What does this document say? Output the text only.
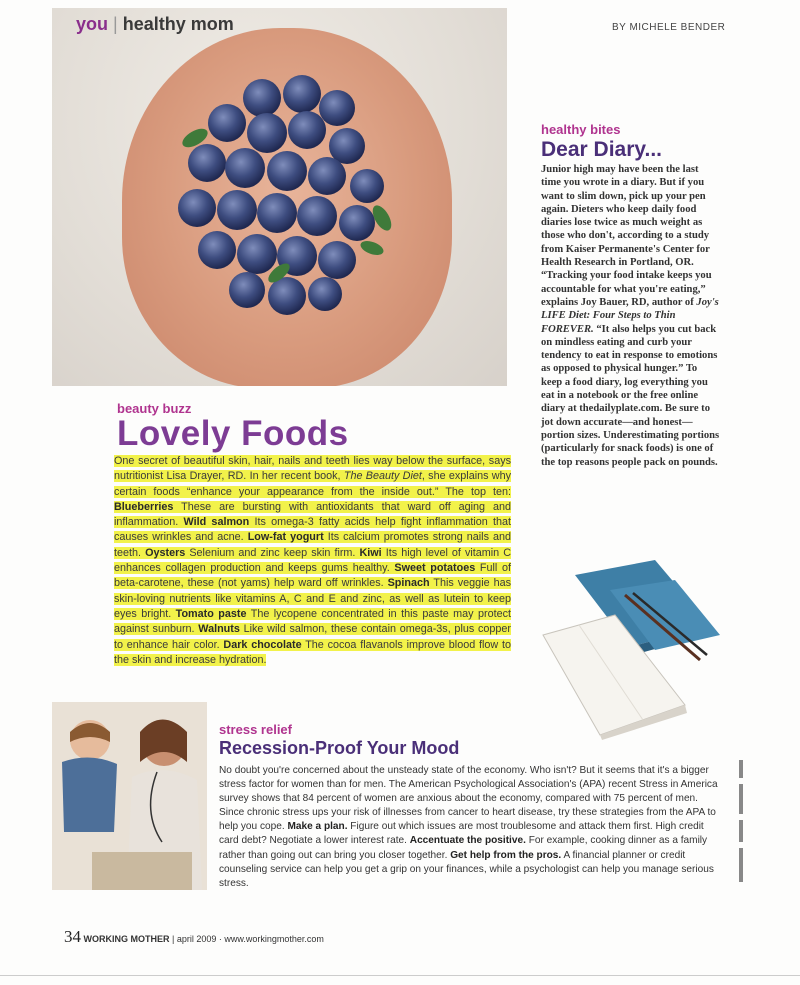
you | healthy mom	BY MICHELE BENDER
healthy bites
Dear Diary...
Junior high may have been the last time you wrote in a diary. But if you want to slim down, pick up your pen again. Dieters who keep daily food diaries lose twice as much weight as those who don't, according to a study from Kaiser Permanente's Center for Health Research in Portland, OR. “Tracking your food intake keeps you accountable for what you're eating,” explains Joy Bauer, RD, author of Joy's LIFE Diet: Four Steps to Thin FOREVER. “It also helps you cut back on mindless eating and curb your tendency to eat in response to emotions as opposed to physical hunger.” To keep a food diary, log everything you eat in a notebook or the free online diary at thedailyplate.com. Be sure to jot down accurate—and honest—portion sizes. Underestimating portions (particularly for snack foods) is one of the top reasons people pack on pounds.
beauty buzz
Lovely Foods
One secret of beautiful skin, hair, nails and teeth lies way below the surface, says nutritionist Lisa Drayer, RD. In her recent book, The Beauty Diet, she explains why certain foods “enhance your appearance from the inside out.” The top ten: Blueberries These are bursting with antioxidants that ward off aging and inflammation. Wild salmon Its omega-3 fatty acids help fight inflammation that causes wrinkles and acne. Low-fat yogurt Its calcium promotes strong nails and teeth. Oysters Selenium and zinc keep skin firm. Kiwi Its high level of vitamin C enhances collagen production and keeps gums healthy. Sweet potatoes Full of beta-carotene, these (not yams) help ward off wrinkles. Spinach This veggie has skin-loving nutrients like vitamins A, C and E and zinc, as well as lutein to keep eyes bright. Tomato paste The lycopene concentrated in this paste may protect against sunburn. Walnuts Like wild salmon, these contain omega-3s, plus copper to enhance hair color. Dark chocolate The cocoa flavanols improve blood flow to the skin and increase hydration.
stress relief
Recession-Proof Your Mood
No doubt you're concerned about the unsteady state of the economy. Who isn't? But it seems that it's a bigger stress factor for women than for men. The American Psychological Association's (APA) recent Stress in America survey shows that 84 percent of women are anxious about the economy, compared with 75 percent of men. Since chronic stress ups your risk of illnesses from cancer to heart disease, try these strategies from the APA to help you cope. Make a plan. Figure out which issues are most troublesome and attack them first. High credit card debt? Negotiate a lower interest rate. Accentuate the positive. For example, cooking dinner as a family rather than going out can bring you closer together. Get help from the pros. A financial planner or credit counseling service can help you get a grip on your finances, while a psychologist can help you manage serious stress.
34 WORKING MOTHER | april 2009 · www.workingmother.com
